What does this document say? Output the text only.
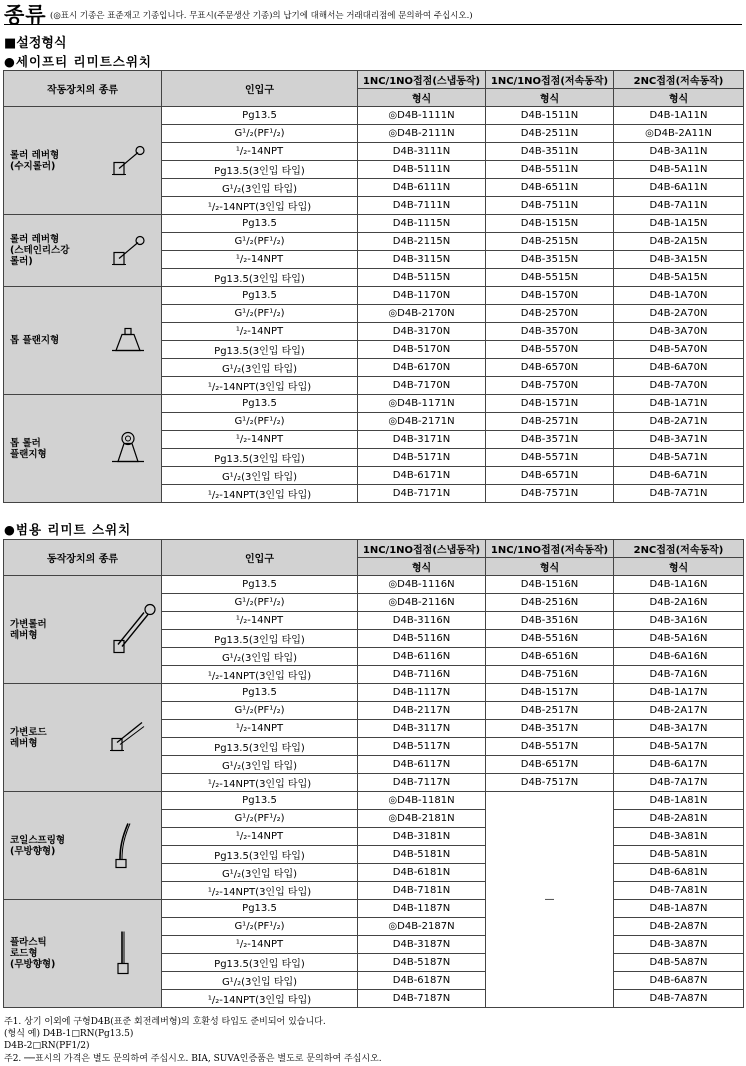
종류 (◎표시 기종은 표준재고 기종입니다. 무표시(주문생산 기종)의 납기에 대해서는 거래대리점에 문의하여 주십시오.)
■설정형식
●세이프티 리미트스위치
작동장치의 종류	인입구	1NC/1NO접점(스냅동작)	1NC/1NO접점(저속동작)	2NC접점(저속동작)
		형식	형식	형식

롤러 레버형
(수지롤러)	Pg13.5	◎D4B-1111N	D4B-1511N	D4B-1A11N
	G¹/₂(PF¹/₂)	◎D4B-2111N	D4B-2511N	◎D4B-2A11N
	¹/₂-14NPT	D4B-3111N	D4B-3511N	D4B-3A11N
	Pg13.5(3인입 타입)	D4B-5111N	D4B-5511N	D4B-5A11N
	G¹/₂(3인입 타입)	D4B-6111N	D4B-6511N	D4B-6A11N
	¹/₂-14NPT(3인입 타입)	D4B-7111N	D4B-7511N	D4B-7A11N

롤러 레버형
(스테인리스강
롤러)	Pg13.5	D4B-1115N	D4B-1515N	D4B-1A15N
	G¹/₂(PF¹/₂)	D4B-2115N	D4B-2515N	D4B-2A15N
	¹/₂-14NPT	D4B-3115N	D4B-3515N	D4B-3A15N
	Pg13.5(3인입 타입)	D4B-5115N	D4B-5515N	D4B-5A15N

톱 플랜지형	Pg13.5	D4B-1170N	D4B-1570N	D4B-1A70N
	G¹/₂(PF¹/₂)	◎D4B-2170N	D4B-2570N	D4B-2A70N
	¹/₂-14NPT	D4B-3170N	D4B-3570N	D4B-3A70N
	Pg13.5(3인입 타입)	D4B-5170N	D4B-5570N	D4B-5A70N
	G¹/₂(3인입 타입)	D4B-6170N	D4B-6570N	D4B-6A70N
	¹/₂-14NPT(3인입 타입)	D4B-7170N	D4B-7570N	D4B-7A70N

톱 롤러
플랜지형	Pg13.5	◎D4B-1171N	D4B-1571N	D4B-1A71N
	G¹/₂(PF¹/₂)	◎D4B-2171N	D4B-2571N	D4B-2A71N
	¹/₂-14NPT	D4B-3171N	D4B-3571N	D4B-3A71N
	Pg13.5(3인입 타입)	D4B-5171N	D4B-5571N	D4B-5A71N
	G¹/₂(3인입 타입)	D4B-6171N	D4B-6571N	D4B-6A71N
	¹/₂-14NPT(3인입 타입)	D4B-7171N	D4B-7571N	D4B-7A71N
●범용 리미트 스위치
동작장치의 종류	인입구	1NC/1NO접점(스냅동작)	1NC/1NO접점(저속동작)	2NC접점(저속동작)
		형식	형식	형식

가변롤러
레버형	Pg13.5	◎D4B-1116N	D4B-1516N	D4B-1A16N
	G¹/₂(PF¹/₂)	◎D4B-2116N	D4B-2516N	D4B-2A16N
	¹/₂-14NPT	D4B-3116N	D4B-3516N	D4B-3A16N
	Pg13.5(3인입 타입)	D4B-5116N	D4B-5516N	D4B-5A16N
	G¹/₂(3인입 타입)	D4B-6116N	D4B-6516N	D4B-6A16N
	¹/₂-14NPT(3인입 타입)	D4B-7116N	D4B-7516N	D4B-7A16N

가변로드
레버형	Pg13.5	D4B-1117N	D4B-1517N	D4B-1A17N
	G¹/₂(PF¹/₂)	D4B-2117N	D4B-2517N	D4B-2A17N
	¹/₂-14NPT	D4B-3117N	D4B-3517N	D4B-3A17N
	Pg13.5(3인입 타입)	D4B-5117N	D4B-5517N	D4B-5A17N
	G¹/₂(3인입 타입)	D4B-6117N	D4B-6517N	D4B-6A17N
	¹/₂-14NPT(3인입 타입)	D4B-7117N	D4B-7517N	D4B-7A17N

코일스프링형
(무방향형)	Pg13.5	◎D4B-1181N	—	D4B-1A81N
	G¹/₂(PF¹/₂)	◎D4B-2181N		D4B-2A81N
	¹/₂-14NPT	D4B-3181N		D4B-3A81N
	Pg13.5(3인입 타입)	D4B-5181N		D4B-5A81N
	G¹/₂(3인입 타입)	D4B-6181N		D4B-6A81N
	¹/₂-14NPT(3인입 타입)	D4B-7181N		D4B-7A81N

플라스틱
로드형
(무방향형)	Pg13.5	D4B-1187N		D4B-1A87N
	G¹/₂(PF¹/₂)	◎D4B-2187N		D4B-2A87N
	¹/₂-14NPT	D4B-3187N		D4B-3A87N
	Pg13.5(3인입 타입)	D4B-5187N		D4B-5A87N
	G¹/₂(3인입 타입)	D4B-6187N		D4B-6A87N
	¹/₂-14NPT(3인입 타입)	D4B-7187N		D4B-7A87N
주1. 상기 이외에 구형D4B(표준 회전레버형)의 호환성 타입도 준비되어 있습니다.
(형식 예) D4B-1□RN(Pg13.5)
D4B-2□RN(PF1/2)
주2. ──표시의 가격은 별도 문의하여 주십시오. BIA, SUVA인증품은 별도로 문의하여 주십시오.
